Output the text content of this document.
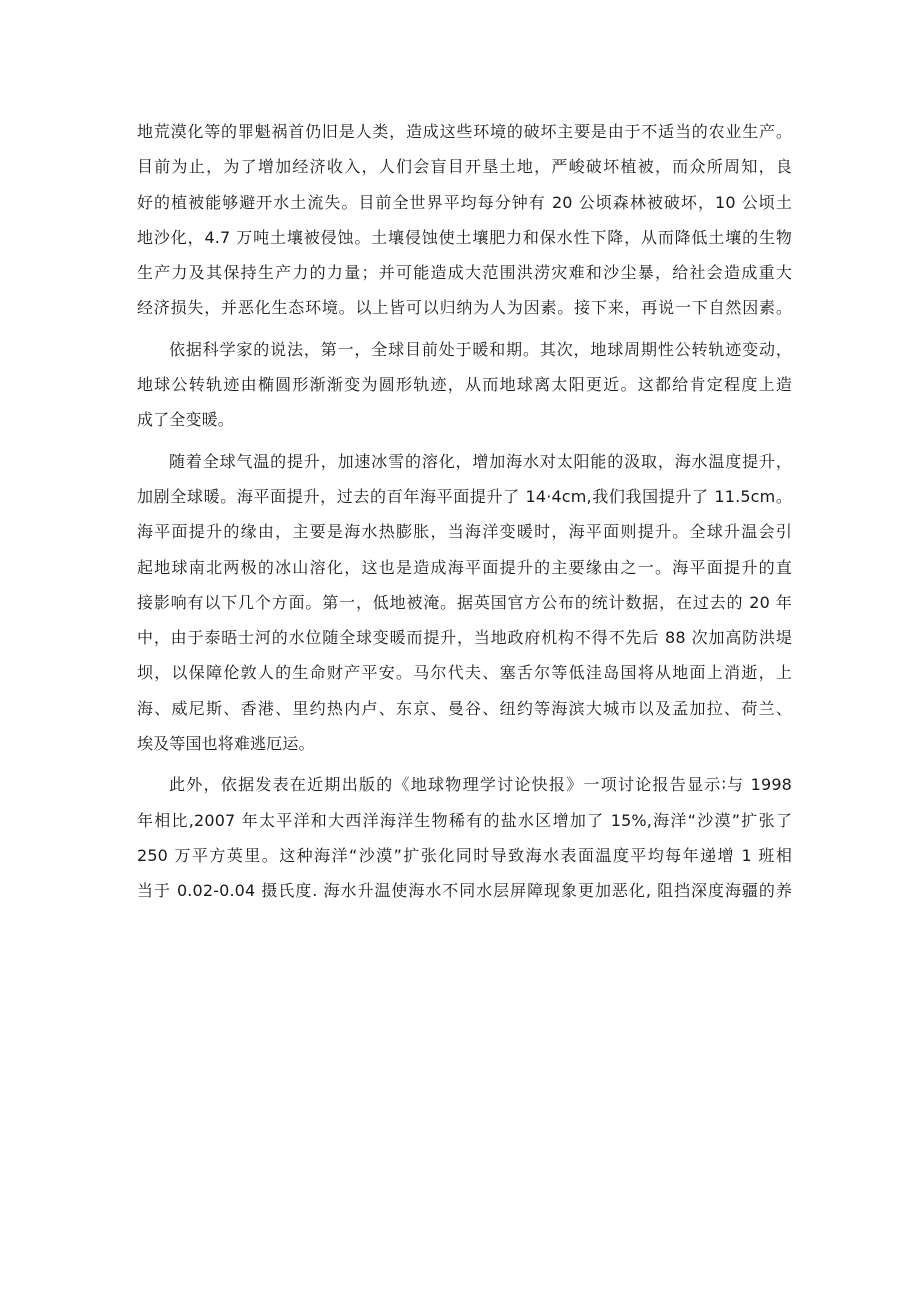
地荒漠化等的罪魁祸首仍旧是人类，造成这些环境的破坏主要是由于不适当的农业生产。
目前为止，为了增加经济收入，人们会盲目开垦土地，严峻破坏植被，而众所周知，良
好的植被能够避开水土流失。目前全世界平均每分钟有 20 公顷森林被破坏，10 公顷土
地沙化，4.7 万吨土壤被侵蚀。土壤侵蚀使土壤肥力和保水性下降，从而降低土壤的生物
生产力及其保持生产力的力量；并可能造成大范围洪涝灾难和沙尘暴，给社会造成重大
经济损失，并恶化生态环境。以上皆可以归纳为人为因素。接下来，再说一下自然因素。
依据科学家的说法，第一，全球目前处于暖和期。其次，地球周期性公转轨迹变动，
地球公转轨迹由椭圆形渐渐变为圆形轨迹，从而地球离太阳更近。这都给肯定程度上造
成了全变暖。
随着全球气温的提升，加速冰雪的溶化，增加海水对太阳能的汲取，海水温度提升，
加剧全球暖。海平面提升，过去的百年海平面提升了 14·4cm,我们我国提升了 11.5cm。
海平面提升的缘由，主要是海水热膨胀，当海洋变暖时，海平面则提升。全球升温会引
起地球南北两极的冰山溶化，这也是造成海平面提升的主要缘由之一。海平面提升的直
接影响有以下几个方面。第一，低地被淹。据英国官方公布的统计数据，在过去的 20 年
中，由于泰晤士河的水位随全球变暖而提升，当地政府机构不得不先后 88 次加高防洪堤
坝，以保障伦敦人的生命财产平安。马尔代夫、塞舌尔等低洼岛国将从地面上消逝，上
海、威尼斯、香港、里约热内卢、东京、曼谷、纽约等海滨大城市以及孟加拉、荷兰、
埃及等国也将难逃厄运。
此外，依据发表在近期出版的《地球物理学讨论快报》一项讨论报告显示∶与 1998
年相比,2007 年太平洋和大西洋海洋生物稀有的盐水区增加了 15%,海洋“沙漠”扩张了
250 万平方英里。这种海洋“沙漠”扩张化同时导致海水表面温度平均每年递增 1 班相
当于 0.02-0.04 摄氏度. 海水升温使海水不同水层屏障现象更加恶化, 阻挡深度海疆的养
